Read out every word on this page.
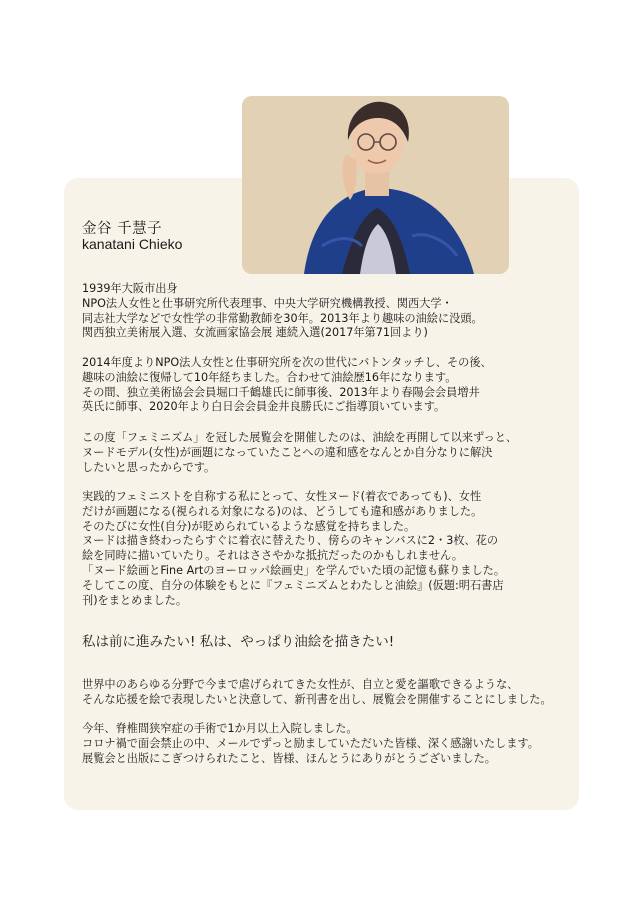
金谷 千慧子
kanatani Chieko

1939年大阪市出身

NPO法人女性と仕事研究所代表理事、中央大学研究機構教授、関西大学・

同志社大学などで女性学の非常勤教師を30年。2013年より趣味の油絵に没頭。

関西独立美術展入選、女流画家協会展 連続入選(2017年第71回より)

2014年度よりNPO法人女性と仕事研究所を次の世代にバトンタッチし、その後、

趣味の油絵に復帰して10年経ちました。合わせて油絵歴16年になります。

その間、独立美術協会会員堀口千鶴雄氏に師事後、2013年より春陽会会員増井

英氏に師事、2020年より白日会会員金井良勝氏にご指導頂いています。

この度「フェミニズム」を冠した展覧会を開催したのは、油絵を再開して以来ずっと、

ヌードモデル(女性)が画題になっていたことへの違和感をなんとか自分なりに解決

したいと思ったからです。

実践的フェミニストを自称する私にとって、女性ヌード(着衣であっても)、女性

だけが画題になる(視られる対象になる)のは、どうしても違和感がありました。

そのたびに女性(自分)が貶められているような感覚を持ちました。

ヌードは描き終わったらすぐに着衣に替えたり、傍らのキャンバスに2・3枚、花の

絵を同時に描いていたり。それはささやかな抵抗だったのかもしれません。

「ヌード絵画とFine Artのヨーロッパ絵画史」を学んでいた頃の記憶も蘇りました。

そしてこの度、自分の体験をもとに『フェミニズムとわたしと油絵』(仮題:明石書店

刊)をまとめました。

私は前に進みたい! 私は、やっぱり油絵を描きたい!

世界中のあらゆる分野で今まで虐げられてきた女性が、自立と愛を謳歌できるような、

そんな応援を絵で表現したいと決意して、新刊書を出し、展覧会を開催することにしました。

今年、脊椎間狭窄症の手術で1か月以上入院しました。

コロナ禍で面会禁止の中、メールでずっと励ましていただいた皆様、深く感謝いたします。

展覧会と出版にこぎつけられたこと、皆様、ほんとうにありがとうございました。
